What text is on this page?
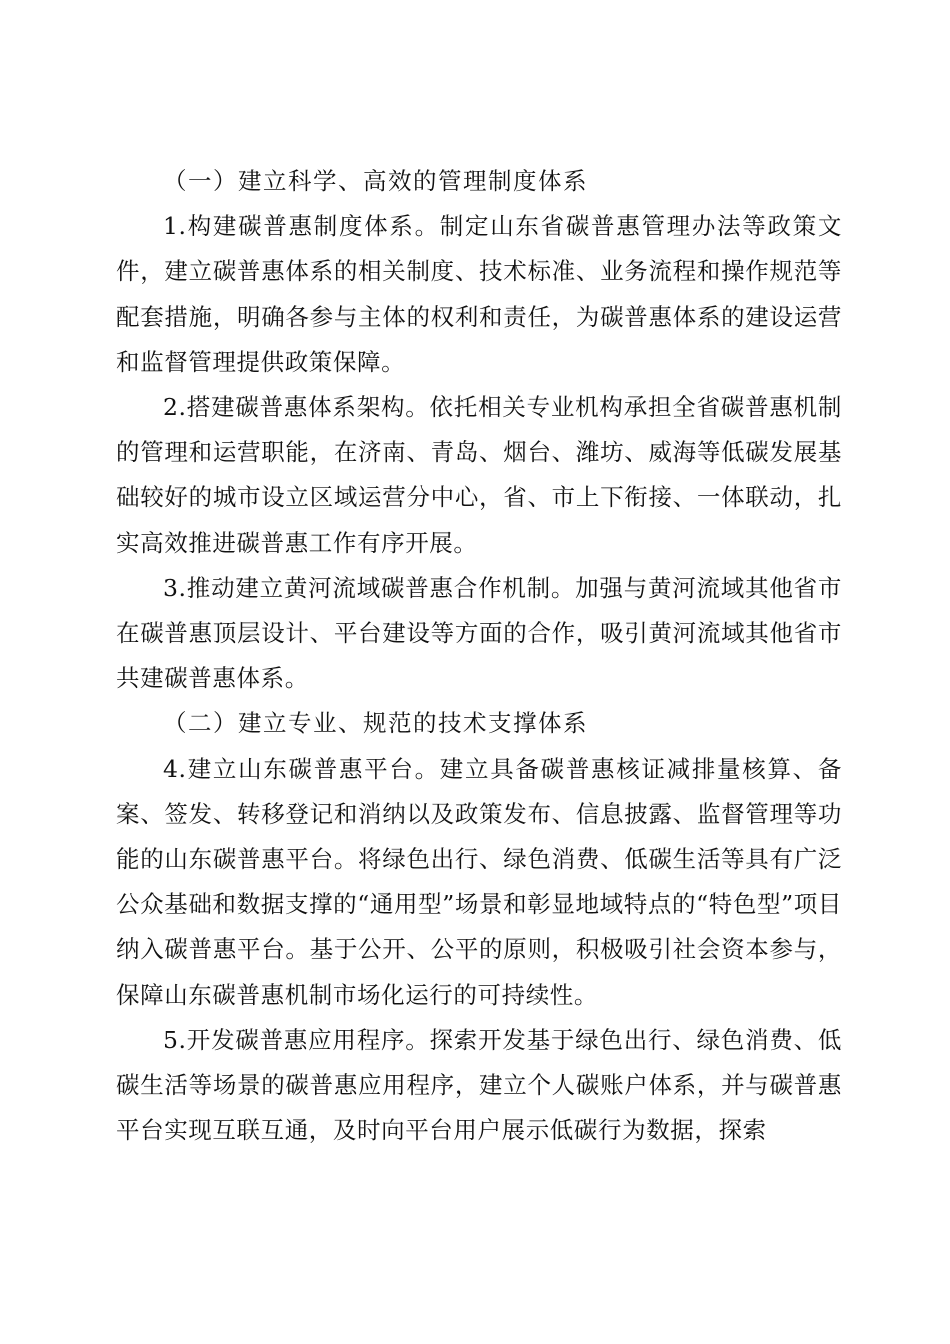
（一）建立科学、高效的管理制度体系

1.构建碳普惠制度体系。制定山东省碳普惠管理办法等政策文件，建立碳普惠体系的相关制度、技术标准、业务流程和操作规范等配套措施，明确各参与主体的权利和责任，为碳普惠体系的建设运营和监督管理提供政策保障。

2.搭建碳普惠体系架构。依托相关专业机构承担全省碳普惠机制的管理和运营职能，在济南、青岛、烟台、潍坊、威海等低碳发展基础较好的城市设立区域运营分中心，省、市上下衔接、一体联动，扎实高效推进碳普惠工作有序开展。

3.推动建立黄河流域碳普惠合作机制。加强与黄河流域其他省市在碳普惠顶层设计、平台建设等方面的合作，吸引黄河流域其他省市共建碳普惠体系。

（二）建立专业、规范的技术支撑体系

4.建立山东碳普惠平台。建立具备碳普惠核证减排量核算、备案、签发、转移登记和消纳以及政策发布、信息披露、监督管理等功能的山东碳普惠平台。将绿色出行、绿色消费、低碳生活等具有广泛公众基础和数据支撑的“通用型”场景和彰显地域特点的“特色型”项目纳入碳普惠平台。基于公开、公平的原则，积极吸引社会资本参与，保障山东碳普惠机制市场化运行的可持续性。

5.开发碳普惠应用程序。探索开发基于绿色出行、绿色消费、低碳生活等场景的碳普惠应用程序，建立个人碳账户体系，并与碳普惠平台实现互联互通，及时向平台用户展示低碳行为数据，探索
